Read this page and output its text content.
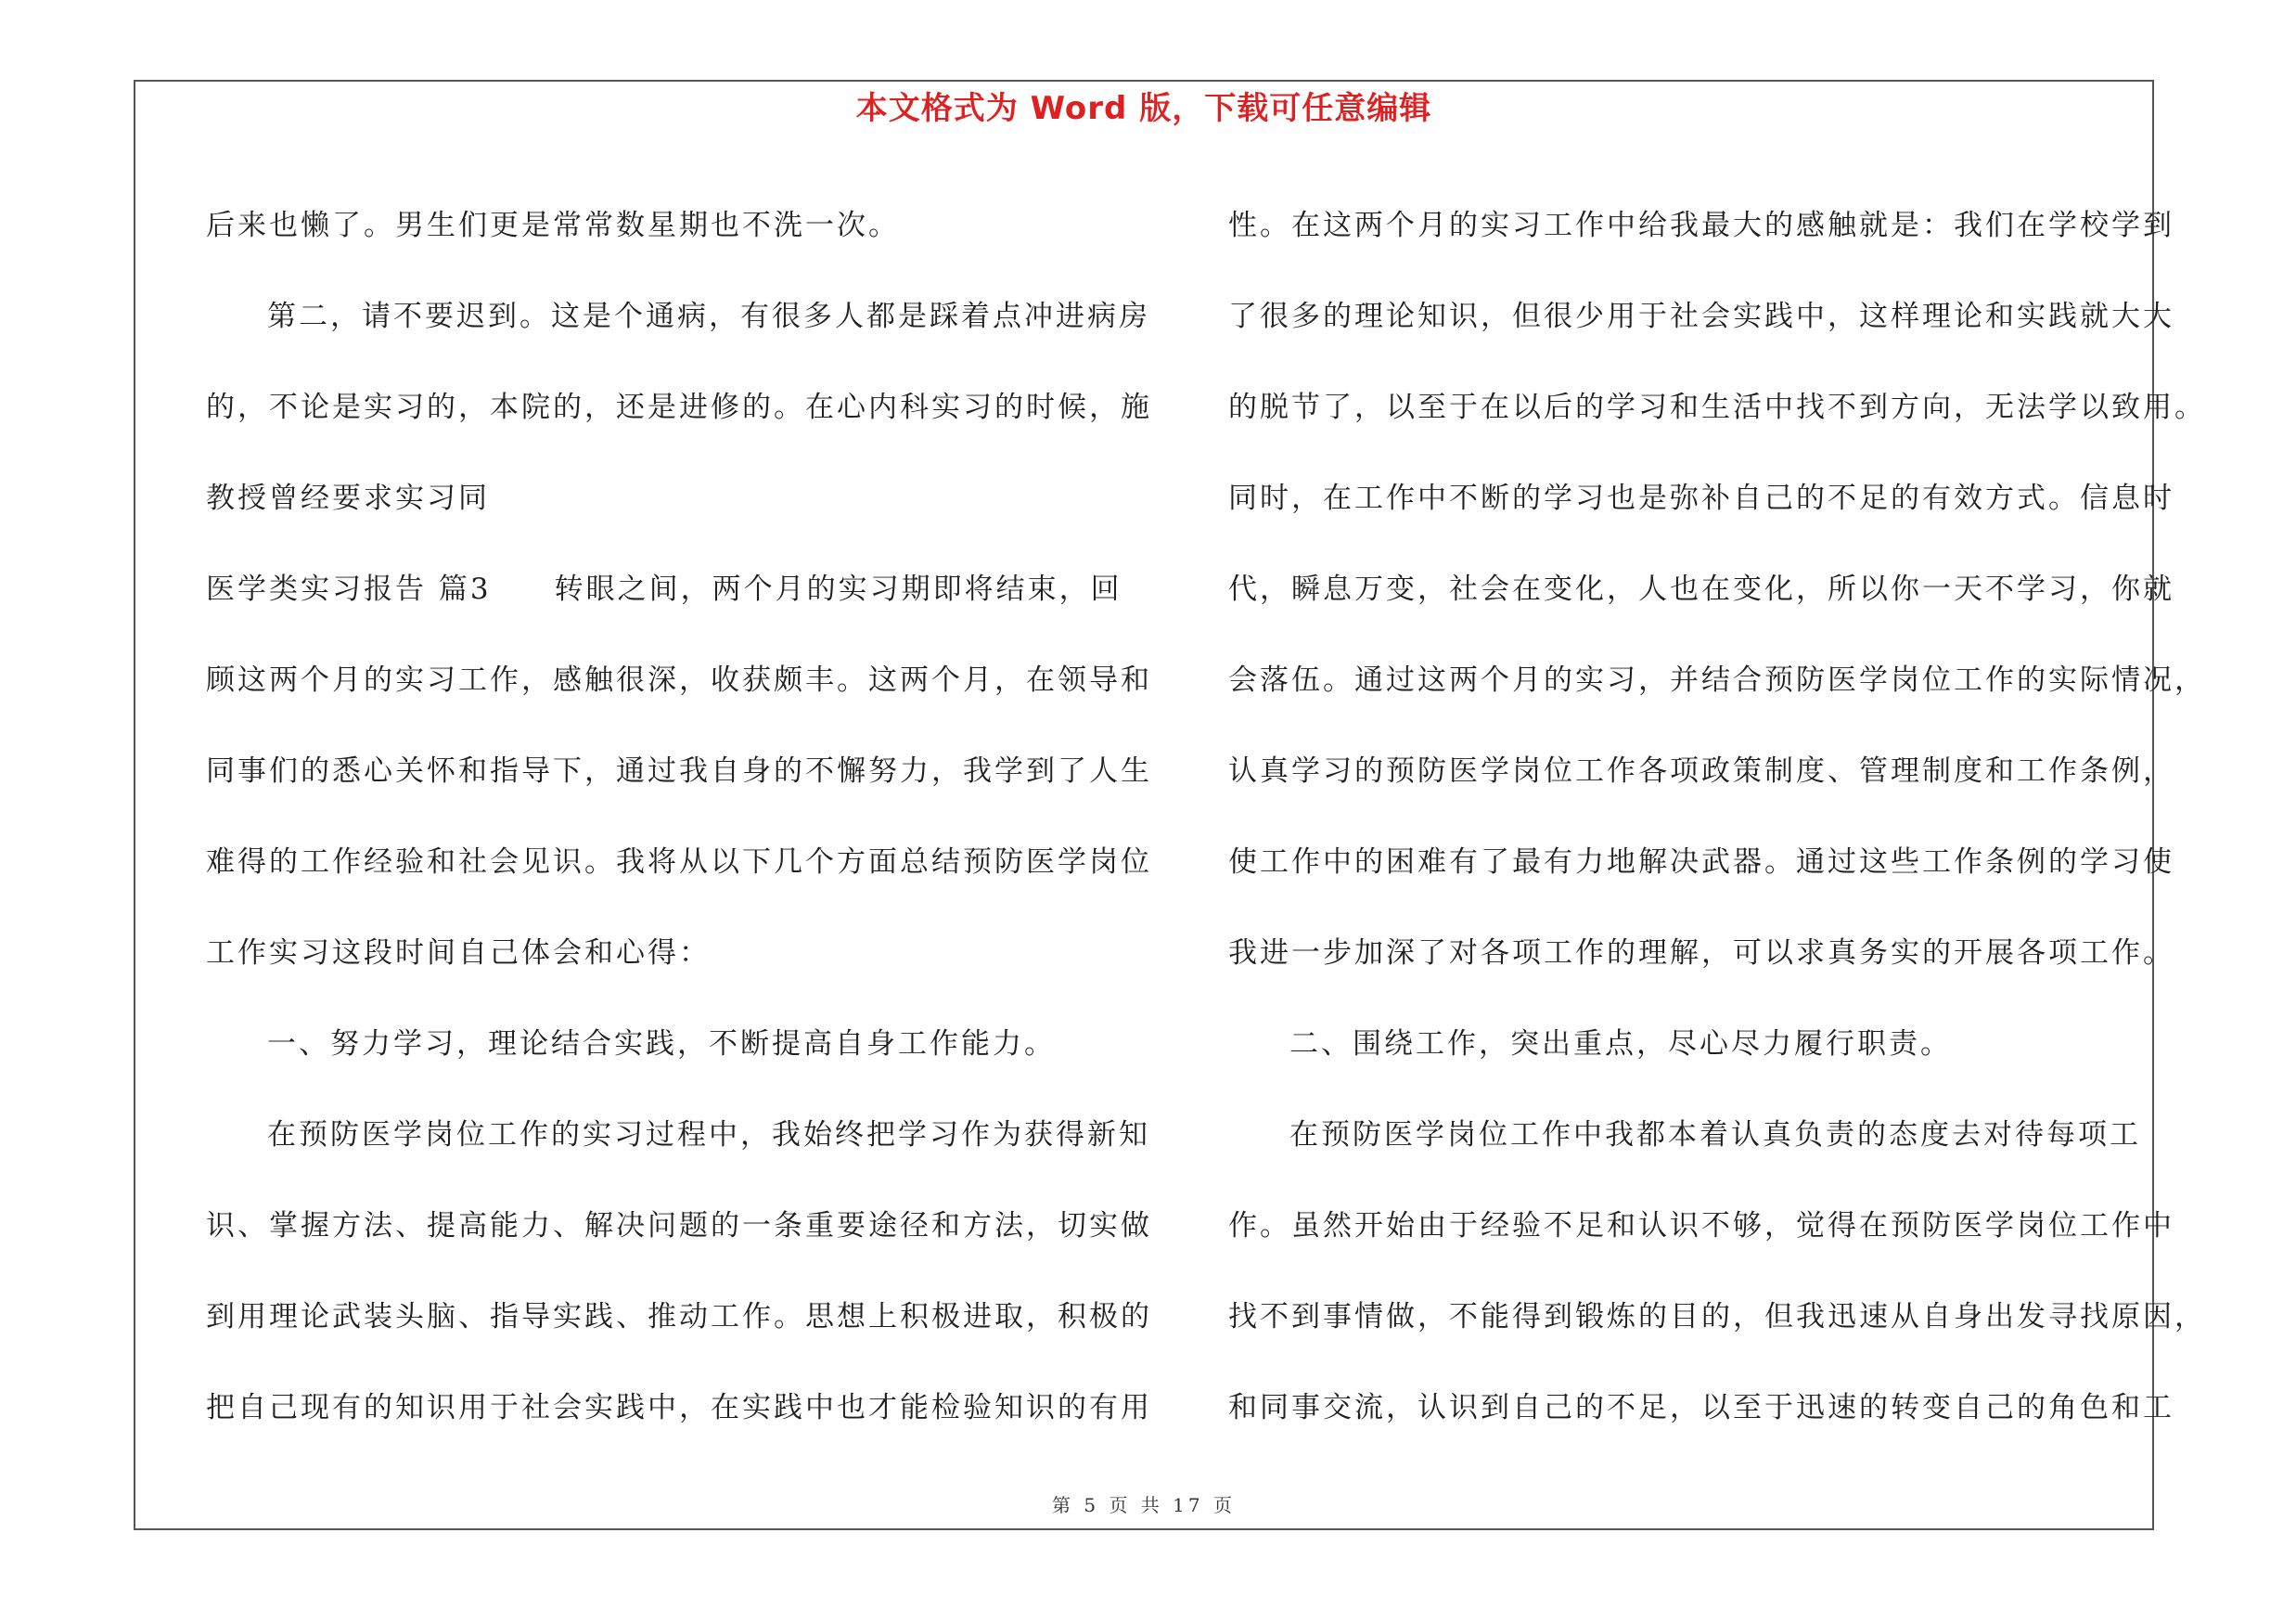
本文格式为 Word 版，下载可任意编辑
后来也懒了。男生们更是常常数星期也不洗一次。
第二，请不要迟到。这是个通病，有很多人都是踩着点冲进病房
的，不论是实习的，本院的，还是进修的。在心内科实习的时候，施
教授曾经要求实习同
医学类实习报告 篇3　　转眼之间，两个月的实习期即将结束，回
顾这两个月的实习工作，感触很深，收获颇丰。这两个月，在领导和
同事们的悉心关怀和指导下，通过我自身的不懈努力，我学到了人生
难得的工作经验和社会见识。我将从以下几个方面总结预防医学岗位
工作实习这段时间自己体会和心得：
一、努力学习，理论结合实践，不断提高自身工作能力。
在预防医学岗位工作的实习过程中，我始终把学习作为获得新知
识、掌握方法、提高能力、解决问题的一条重要途径和方法，切实做
到用理论武装头脑、指导实践、推动工作。思想上积极进取，积极的
把自己现有的知识用于社会实践中，在实践中也才能检验知识的有用
性。在这两个月的实习工作中给我最大的感触就是：我们在学校学到
了很多的理论知识，但很少用于社会实践中，这样理论和实践就大大
的脱节了，以至于在以后的学习和生活中找不到方向，无法学以致用。
同时，在工作中不断的学习也是弥补自己的不足的有效方式。信息时
代，瞬息万变，社会在变化，人也在变化，所以你一天不学习，你就
会落伍。通过这两个月的实习，并结合预防医学岗位工作的实际情况，
认真学习的预防医学岗位工作各项政策制度、管理制度和工作条例，
使工作中的困难有了最有力地解决武器。通过这些工作条例的学习使
我进一步加深了对各项工作的理解，可以求真务实的开展各项工作。
二、围绕工作，突出重点，尽心尽力履行职责。
在预防医学岗位工作中我都本着认真负责的态度去对待每项工
作。虽然开始由于经验不足和认识不够，觉得在预防医学岗位工作中
找不到事情做，不能得到锻炼的目的，但我迅速从自身出发寻找原因，
和同事交流，认识到自己的不足，以至于迅速的转变自己的角色和工
第 5 页 共 17 页
